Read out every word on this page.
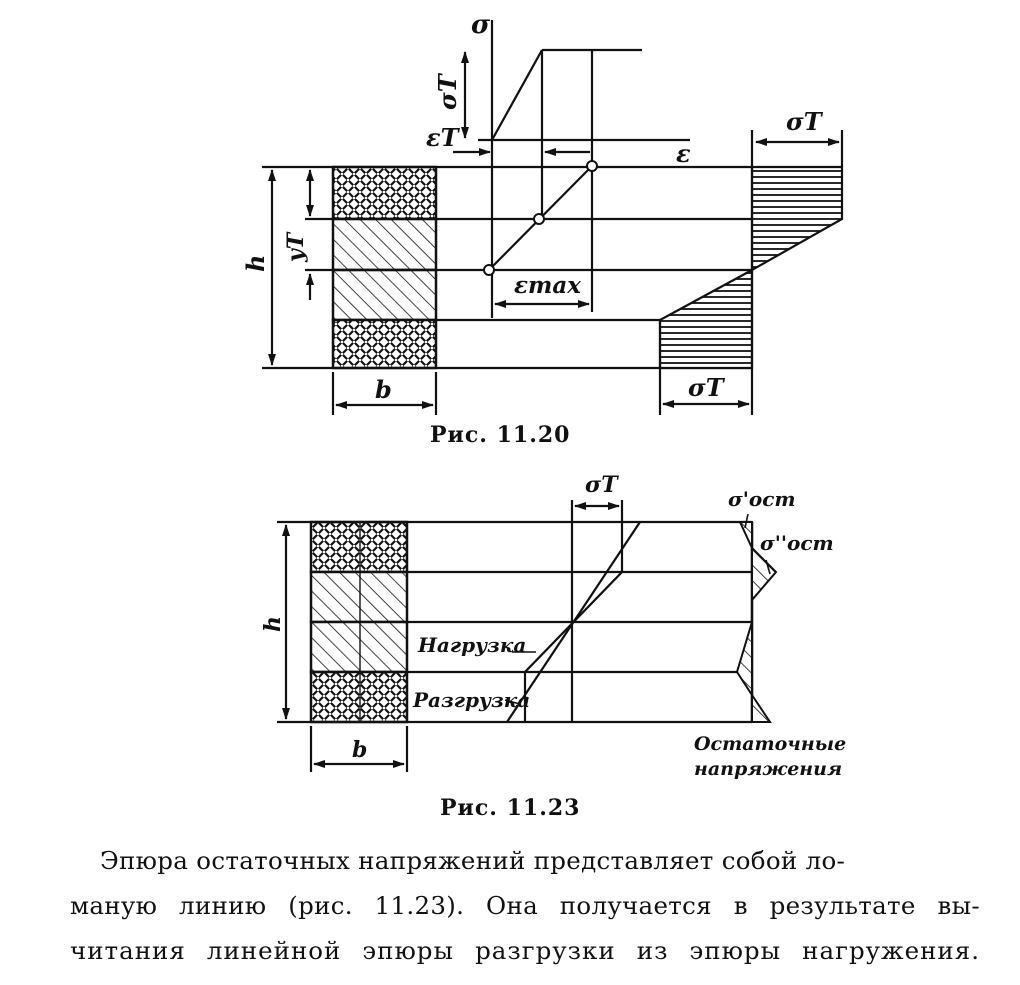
σ
σT
εT
ε
εmax
h
yT
b
σT
σT
σT
σ'ост
σ''ост
h
b
Нагрузка
Разгрузка
Остаточные
напряжения
Рис. 11.20
Рис. 11.23
Эпюра остаточных напряжений представляет собой ло-
маную линию (рис. 11.23). Она получается в результате вы-
читания линейной эпюры разгрузки из эпюры нагружения.
